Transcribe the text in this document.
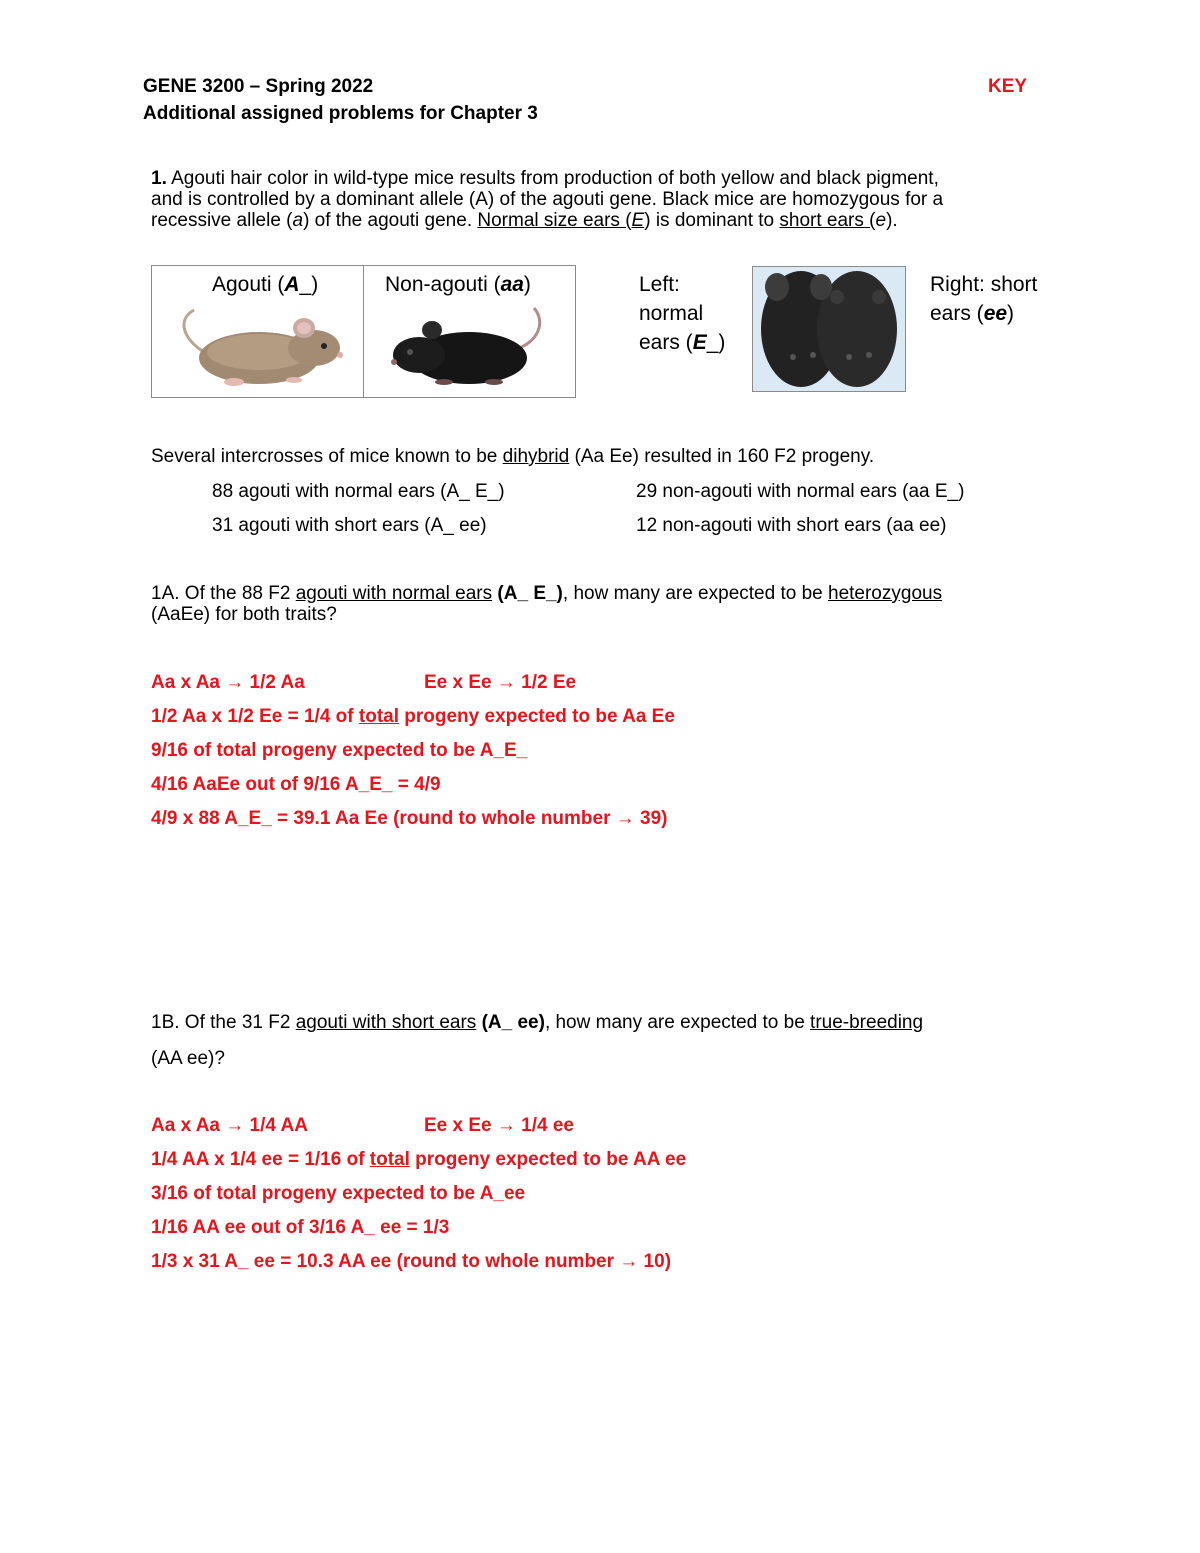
GENE 3200 – Spring 2022
Additional assigned problems for Chapter 3
KEY
1. Agouti hair color in wild-type mice results from production of both yellow and black pigment,
and is controlled by a dominant allele (A) of the agouti gene. Black mice are homozygous for a
recessive allele (a) of the agouti gene. Normal size ears (E) is dominant to short ears (e).
Agouti (A_)	Non-agouti (aa)	Left:
normal
ears (E_)
Right: short
ears (ee)
Several intercrosses of mice known to be dihybrid (Aa Ee) resulted in 160 F2 progeny.
88 agouti with normal ears (A_ E_)	29 non-agouti with normal ears (aa E_)
31 agouti with short ears (A_ ee)	12 non-agouti with short ears (aa ee)
1A. Of the 88 F2 agouti with normal ears (A_ E_), how many are expected to be heterozygous
(AaEe) for both traits?
Aa x Aa → 1/2 Aa	Ee x Ee → 1/2 Ee
1/2 Aa x 1/2 Ee = 1/4 of total progeny expected to be Aa Ee
9/16 of total progeny expected to be A_E_
4/16 AaEe out of 9/16 A_E_ = 4/9
4/9 x 88 A_E_ = 39.1 Aa Ee (round to whole number → 39)
1B. Of the 31 F2 agouti with short ears (A_ ee), how many are expected to be true-breeding
(AA ee)?
Aa x Aa → 1/4 AA	Ee x Ee → 1/4 ee
1/4 AA x 1/4 ee = 1/16 of total progeny expected to be AA ee
3/16 of total progeny expected to be A_ee
1/16 AA ee out of 3/16 A_ ee = 1/3
1/3 x 31 A_ ee = 10.3 AA ee (round to whole number → 10)
